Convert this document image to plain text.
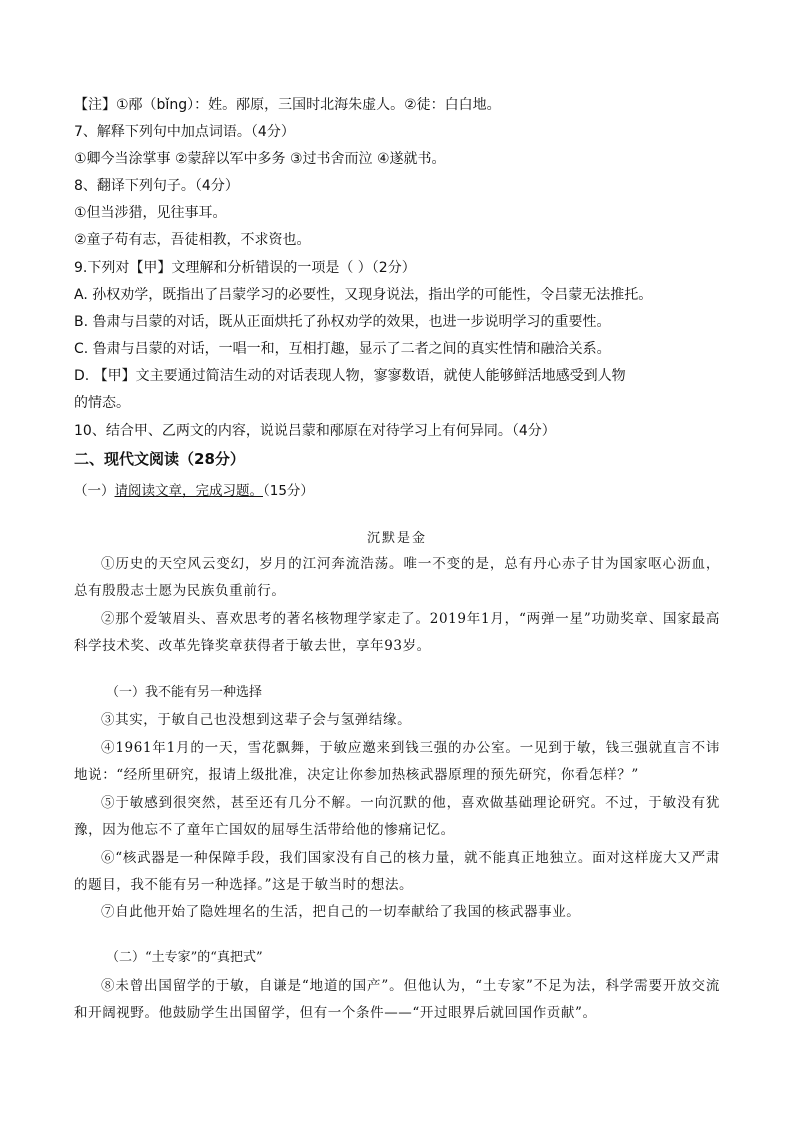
【注】①邴（bǐng）：姓。邴原，三国时北海朱虚人。②徒：白白地。
7、解释下列句中加点词语。（4分）
①卿今当涂掌事 ②蒙辞以军中多务 ③过书舍而泣 ④遂就书。
8、翻译下列句子。（4分）
①但当涉猎，见往事耳。
②童子苟有志，吾徒相教，不求资也。
9.下列对【甲】文理解和分析错误的一项是（ ）（2分）
A. 孙权劝学，既指出了吕蒙学习的必要性，又现身说法，指出学的可能性，令吕蒙无法推托。
B. 鲁肃与吕蒙的对话，既从正面烘托了孙权劝学的效果，也进一步说明学习的重要性。
C. 鲁肃与吕蒙的对话，一唱一和，互相打趣，显示了二者之间的真实性情和融洽关系。
D. 【甲】文主要通过简洁生动的对话表现人物，寥寥数语，就使人能够鲜活地感受到人物
的情态。
10、结合甲、乙两文的内容，说说吕蒙和邴原在对待学习上有何异同。（4分）
二、现代文阅读（28分）
（一）请阅读文章，完成习题。（15分）
沉默是金
①历史的天空风云变幻，岁月的江河奔流浩荡。唯一不变的是，总有丹心赤子甘为国家呕心沥血，总有殷殷志士愿为民族负重前行。
②那个爱皱眉头、喜欢思考的著名核物理学家走了。2019年1月，“两弹一星”功勋奖章、国家最高科学技术奖、改革先锋奖章获得者于敏去世，享年93岁。
（一）我不能有另一种选择
③其实，于敏自己也没想到这辈子会与氢弹结缘。
④1961年1月的一天，雪花飘舞，于敏应邀来到钱三强的办公室。一见到于敏，钱三强就直言不讳地说：“经所里研究，报请上级批准，决定让你参加热核武器原理的预先研究，你看怎样？”
⑤于敏感到很突然，甚至还有几分不解。一向沉默的他，喜欢做基础理论研究。不过，于敏没有犹豫，因为他忘不了童年亡国奴的屈辱生活带给他的惨痛记忆。
⑥“核武器是一种保障手段，我们国家没有自己的核力量，就不能真正地独立。面对这样庞大又严肃的题目，我不能有另一种选择。”这是于敏当时的想法。
⑦自此他开始了隐姓埋名的生活，把自己的一切奉献给了我国的核武器事业。
（二）“土专家”的“真把式”
⑧未曾出国留学的于敏，自谦是“地道的国产”。但他认为，“土专家”不足为法，科学需要开放交流和开阔视野。他鼓励学生出国留学，但有一个条件——“开过眼界后就回国作贡献”。
